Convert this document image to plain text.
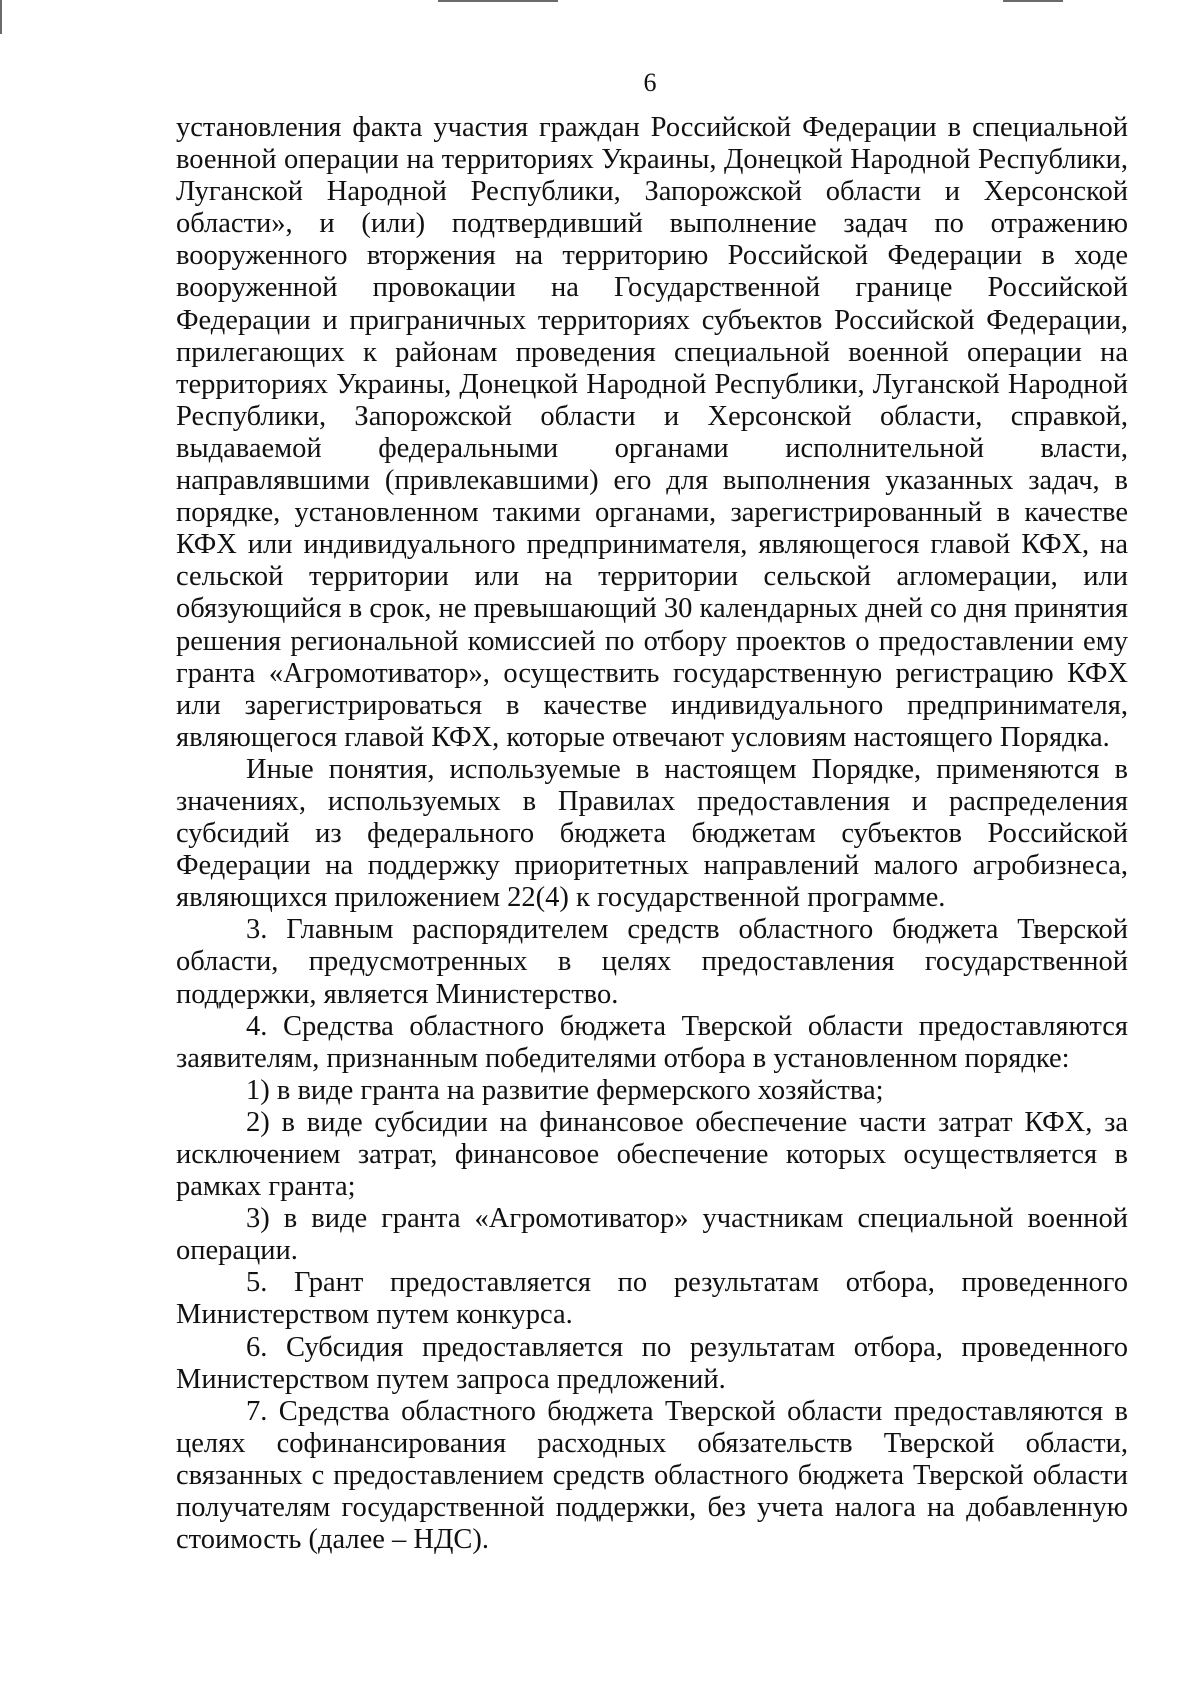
6

установления факта участия граждан Российской Федерации в специальной военной операции на территориях Украины, Донецкой Народной Республики, Луганской Народной Республики, Запорожской области и Херсонской области», и (или) подтвердивший выполнение задач по отражению вооруженного вторжения на территорию Российской Федерации в ходе вооруженной провокации на Государственной границе Российской Федерации и приграничных территориях субъектов Российской Федерации, прилегающих к районам проведения специальной военной операции на территориях Украины, Донецкой Народной Республики, Луганской Народной Республики, Запорожской области и Херсонской области, справкой, выдаваемой федеральными органами исполнительной власти, направлявшими (привлекавшими) его для выполнения указанных задач, в порядке, установленном такими органами, зарегистрированный в качестве КФХ или индивидуального предпринимателя, являющегося главой КФХ, на сельской территории или на территории сельской агломерации, или обязующийся в срок, не превышающий 30 календарных дней со дня принятия решения региональной комиссией по отбору проектов о предоставлении ему гранта «Агромотиватор», осуществить государственную регистрацию КФХ или зарегистрироваться в качестве индивидуального предпринимателя, являющегося главой КФХ, которые отвечают условиям настоящего Порядка.

Иные понятия, используемые в настоящем Порядке, применяются в значениях, используемых в Правилах предоставления и распределения субсидий из федерального бюджета бюджетам субъектов Российской Федерации на поддержку приоритетных направлений малого агробизнеса, являющихся приложением 22(4) к государственной программе.

3. Главным распорядителем средств областного бюджета Тверской области, предусмотренных в целях предоставления государственной поддержки, является Министерство.

4. Средства областного бюджета Тверской области предоставляются заявителям, признанным победителями отбора в установленном порядке:

1) в виде гранта на развитие фермерского хозяйства;

2) в виде субсидии на финансовое обеспечение части затрат КФХ, за исключением затрат, финансовое обеспечение которых осуществляется в рамках гранта;

3) в виде гранта «Агромотиватор» участникам специальной военной операции.

5. Грант предоставляется по результатам отбора, проведенного Министерством путем конкурса.

6. Субсидия предоставляется по результатам отбора, проведенного Министерством путем запроса предложений.

7. Средства областного бюджета Тверской области предоставляются в целях софинансирования расходных обязательств Тверской области, связанных с предоставлением средств областного бюджета Тверской области получателям государственной поддержки, без учета налога на добавленную стоимость (далее – НДС).
